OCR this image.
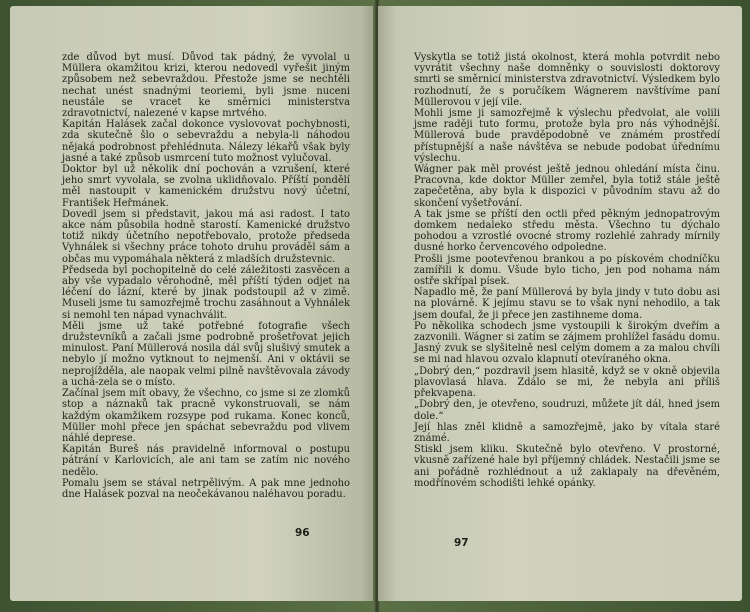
zde důvod byt musí. Důvod tak pádný, že vyvolal u Müllera okamžitou krizi, kterou nedovedl vyřešit jiným způsobem než sebevraždou. Přestože jsme se nechtěli nechat unést snadnými teoriemi, byli jsme nuceni neustále se vracet ke směrnici ministerstva zdravotnictví, nalezené v kapse mrtvého.

Kapitán Halásek začal dokonce vyslovovat pochybnosti, zda skutečně šlo o sebevraždu a nebyla-li náhodou nějaká podrobnost přehlédnuta. Nálezy lékařů však byly jasné a také způsob usmrcení tuto možnost vylučoval.

Doktor byl už několik dní pochován a vzrušení, které jeho smrt vyvolala, se zvolna uklidňovalo. Příští pondělí měl nastoupit v kamenickém družstvu nový účetní, František Heřmánek.

Dovedl jsem si představit, jakou má asi radost. I tato akce nám působila hodně starostí. Kamenické družstvo totiž nikdy účetního nepotřebovalo, protože předseda Vyhnálek si všechny práce tohoto druhu prováděl sám a občas mu vypomáhala některá z mladších družstevnic.

Předseda byl pochopitelně do celé záležitosti zasvěcen a aby vše vypadalo věrohodně, měl příští týden odjet na léčení do lázní, které by jinak podstoupil až v zimě. Museli jsme tu samozřejmě trochu zasáhnout a Vyhnálek si nemohl ten nápad vynachválit.

Měli jsme už také potřebné fotografie všech družstevníků a začali jsme podrobně prošetřovat jejich minulost. Paní Müllerová nosila dál svůj slušivý smutek a nebylo jí možno vytknout to nejmenší. Ani v oktávii se neprojížděla, ale naopak velmi pilně navštěvovala závody a uchá-zela se o místo.

Začínal jsem mít obavy, že všechno, co jsme si ze zlomků stop a náznaků tak pracně vykonstruovali, se nám každým okamžikem rozsype pod rukama. Konec konců, Müller mohl přece jen spáchat sebevraždu pod vlivem náhlé deprese.

Kapitán Bureš nás pravidelně informoval o postupu pátrání v Karlovicích, ale ani tam se zatím nic nového nedělo.

Pomalu jsem se stával netrpělivým. A pak mne jednoho dne Halásek pozval na neočekávanou naléhavou poradu.

96

Vyskytla se totiž jistá okolnost, která mohla potvrdit nebo vyvrátit všechny naše domněnky o souvislosti doktorovy smrti se směrnicí ministerstva zdravotnictví. Výsledkem bylo rozhodnutí, že s poručíkem Wágnerem navštívíme paní Müllerovou v její vile.

Mohli jsme ji samozřejmě k výslechu předvolat, ale volili jsme raději tuto formu, protože byla pro nás výhodnější. Müllerová bude pravděpodobně ve známém prostředí přístupnější a naše návštěva se nebude podobat úřednímu výslechu.

Wágner pak měl provést ještě jednou ohledání místa činu. Pracovna, kde doktor Müller zemřel, byla totiž stále ještě zapečetěna, aby byla k dispozici v původním stavu až do skončení vyšetřování.

A tak jsme se příští den octli před pěkným jednopatrovým domkem nedaleko středu města. Všechno tu dýchalo pohodou a vzrostlé ovocné stromy rozlehlé zahrady mírnily dusné horko červencového odpoledne.

Prošli jsme pootevřenou brankou a po pískovém chodníčku zamířili k domu. Všude bylo ticho, jen pod nohama nám ostře skřípal písek.

Napadlo mě, že paní Müllerová by byla jindy v tuto dobu asi na plovárně. K jejímu stavu se to však nyní nehodilo, a tak jsem doufal, že ji přece jen zastihneme doma.

Po několika schodech jsme vystoupili k širokým dveřím a zazvonili. Wágner si zatím se zájmem prohlížel fasádu domu. Jasný zvuk se slyšitelně nesl celým domem a za malou chvíli se mi nad hlavou ozvalo klapnutí otevíraného okna.

„Dobrý den,“ pozdravil jsem hlasitě, když se v okně objevila plavovlasá hlava. Zdálo se mi, že nebyla ani příliš překvapena.

„Dobrý den, je otevřeno, soudruzi, můžete jít dál, hned jsem dole.“

Její hlas zněl klidně a samozřejmě, jako by vítala staré známé.

Stiskl jsem kliku. Skutečně bylo otevřeno. V prostorné, vkusně zařízené hale byl příjemný chládek. Nestačili jsme se ani pořádně rozhlédnout a už zaklapaly na dřevěném, modřínovém schodišti lehké opánky.

97
